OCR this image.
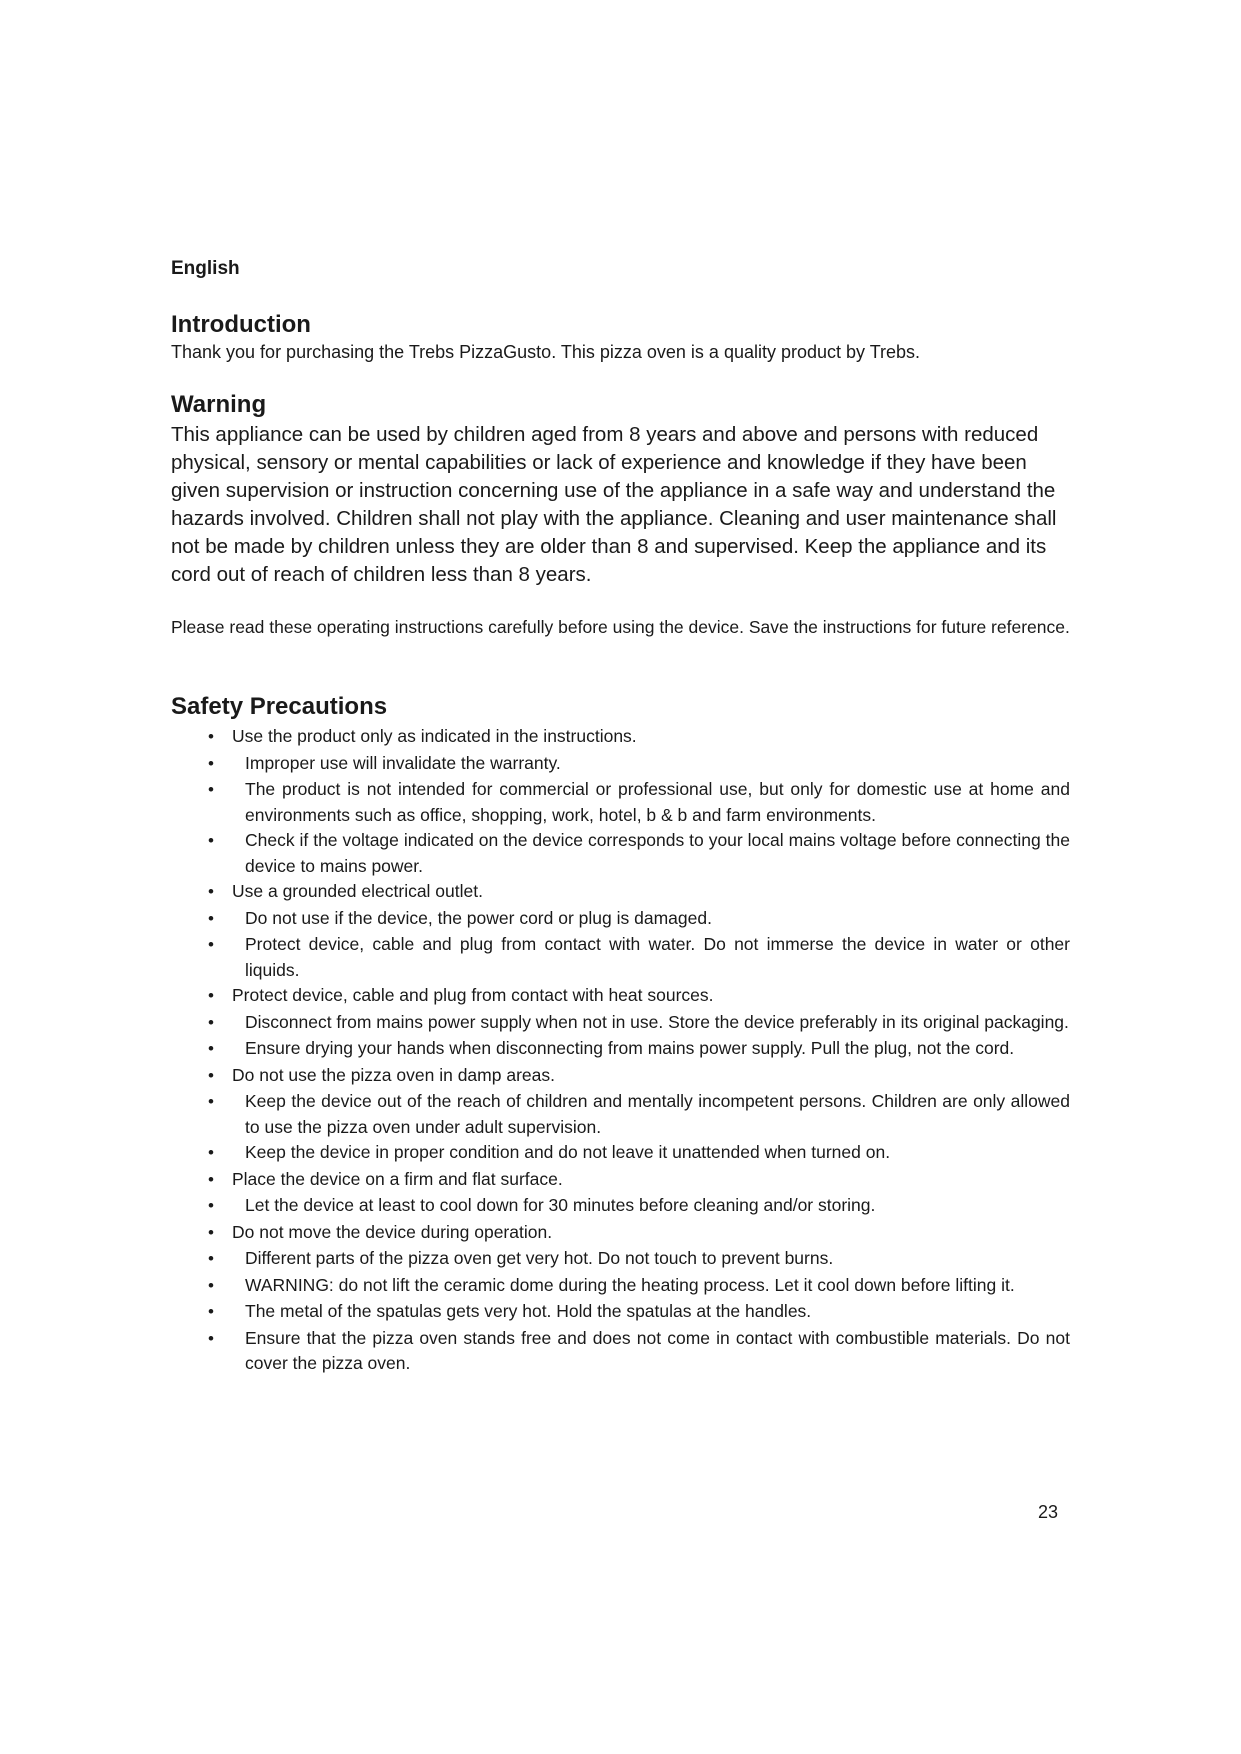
English
Introduction

Thank you for purchasing the Trebs PizzaGusto. This pizza oven is a quality product by Trebs.

Warning

This appliance can be used by children aged from 8 years and above and persons with reduced physical, sensory or mental capabilities or lack of experience and knowledge if they have been given supervision or instruction concerning use of the appliance in a safe way and understand the hazards involved. Children shall not play with the appliance. Cleaning and user maintenance shall not be made by children unless they are older than 8 and supervised. Keep the appliance and its cord out of reach of children less than 8 years.

Please read these operating instructions carefully before using the device. Save the instructions for future reference.

Safety Precautions
•	Use the product only as indicated in the instructions.
•	Improper use will invalidate the warranty.
•	The product is not intended for commercial or professional use, but only for domestic use at home and environments such as office, shopping, work, hotel, b & b and farm environments.
•	Check if the voltage indicated on the device corresponds to your local mains voltage before connecting the device to mains power.
•	Use a grounded electrical outlet.
•	Do not use if the device, the power cord or plug is damaged.
•	Protect device, cable and plug from contact with water. Do not immerse the device in water or other liquids.
•	Protect device, cable and plug from contact with heat sources.
•	Disconnect from mains power supply when not in use. Store the device preferably in its original packaging.
•	Ensure drying your hands when disconnecting from mains power supply. Pull the plug, not the cord.
•	Do not use the pizza oven in damp areas.
•	Keep the device out of the reach of children and mentally incompetent persons. Children are only allowed to use the pizza oven under adult supervision.
•	Keep the device in proper condition and do not leave it unattended when turned on.
•	Place the device on a firm and flat surface.
•	Let the device at least to cool down for 30 minutes before cleaning and/or storing.
•	Do not move the device during operation.
•	Different parts of the pizza oven get very hot. Do not touch to prevent burns.
•	WARNING: do not lift the ceramic dome during the heating process. Let it cool down before lifting it.
•	The metal of the spatulas gets very hot. Hold the spatulas at the handles.
•	Ensure that the pizza oven stands free and does not come in contact with combustible materials. Do not cover the pizza oven.
23
